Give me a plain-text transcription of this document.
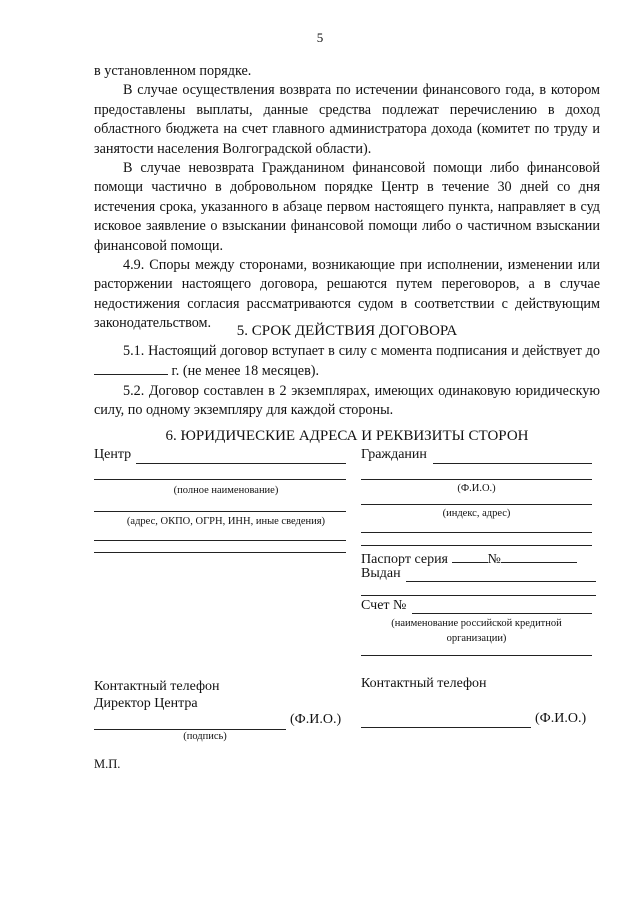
5

в установленном порядке.

В случае осуществления возврата по истечении финансового года, в котором предоставлены выплаты, данные средства подлежат перечислению в доход областного бюджета на счет главного администратора дохода (комитет по труду и занятости населения Волгоградской области).

В случае невозврата Гражданином финансовой помощи либо финансовой помощи частично в добровольном порядке Центр в течение 30 дней со дня истечения срока, указанного в абзаце первом настоящего пункта, направляет в суд исковое заявление о взыскании финансовой помощи либо о частичном взыскании финансовой помощи.

4.9. Споры между сторонами, возникающие при исполнении, изменении или расторжении настоящего договора, решаются путем переговоров, а в случае недостижения согласия рассматриваются судом в соответствии с действующим законодательством.	5. СРОК ДЕЙСТВИЯ ДОГОВОРА

5.1. Настоящий договор вступает в силу с момента подписания и действует до  г. (не менее 18 месяцев).

5.2. Договор составлен в 2 экземплярах, имеющих одинаковую юридическую силу, по одному экземпляру для каждой стороны.

6. ЮРИДИЧЕСКИЕ АДРЕСА И РЕКВИЗИТЫ СТОРОН
Центр
(полное наименование)
(адрес, ОКПО, ОГРН, ИНН, иные сведения)
Контактный телефон
Директор Центра
(Ф.И.О.)
(подпись)
М.П.
Гражданин
(Ф.И.О.)
(индекс, адрес)
Паспорт серия	№
Выдан
Счет №
(наименование российской кредитной организации)
Контактный телефон
(Ф.И.О.)
